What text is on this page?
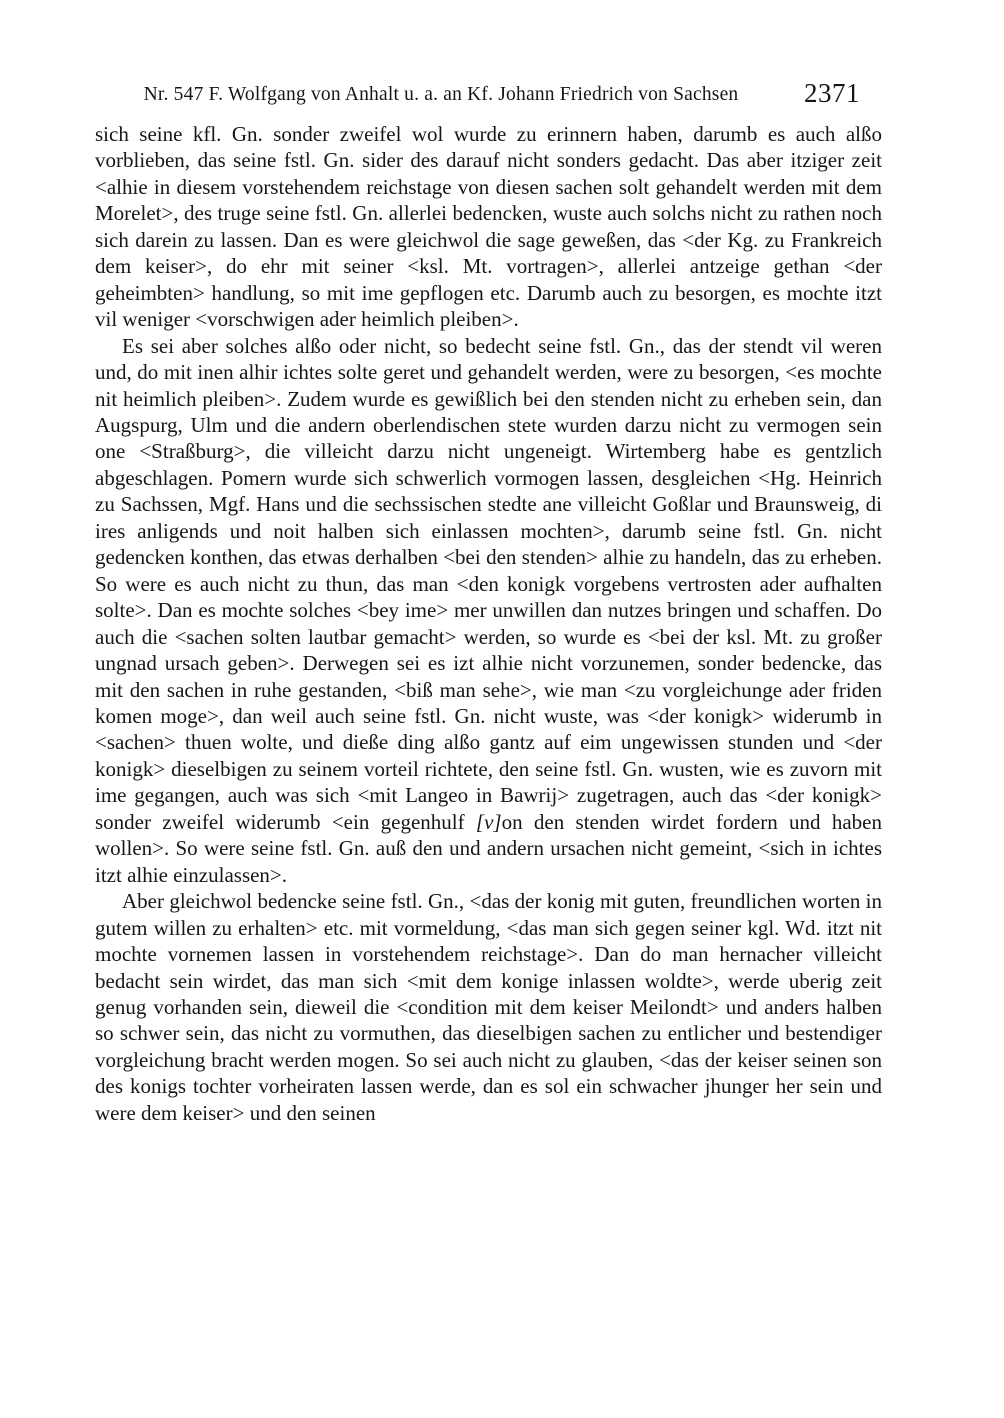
Nr. 547 F. Wolfgang von Anhalt u. a. an Kf. Johann Friedrich von Sachsen	2371

sich seine kfl. Gn. sonder zweifel wol wurde zu erinnern haben, darumb es auch alßo vorblieben, das seine fstl. Gn. sider des darauf nicht sonders gedacht. Das aber itziger zeit <alhie in diesem vorstehendem reichstage von diesen sachen solt gehandelt werden mit dem Morelet>, des truge seine fstl. Gn. allerlei bedencken, wuste auch solchs nicht zu rathen noch sich darein zu lassen. Dan es were gleichwol die sage geweßen, das <der Kg. zu Frankreich dem keiser>, do ehr mit seiner <ksl. Mt. vortragen>, allerlei antzeige gethan <der geheimbten> handlung, so mit ime gepflogen etc. Darumb auch zu besorgen, es mochte itzt vil weniger <vorschwigen ader heimlich pleiben>.

Es sei aber solches alßo oder nicht, so bedecht seine fstl. Gn., das der stendt vil weren und, do mit inen alhir ichtes solte geret und gehandelt werden, were zu besorgen, <es mochte nit heimlich pleiben>. Zudem wurde es gewißlich bei den stenden nicht zu erheben sein, dan Augspurg, Ulm und die andern oberlendischen stete wurden darzu nicht zu vermogen sein one <Straßburg>, die villeicht darzu nicht ungeneigt. Wirtemberg habe es gentzlich abgeschlagen. Pomern wurde sich schwerlich vormogen lassen, desgleichen <Hg. Heinrich zu Sachssen, Mgf. Hans und die sechssischen stedte ane villeicht Goßlar und Braunsweig, di ires anligends und noit halben sich einlassen mochten>, darumb seine fstl. Gn. nicht gedencken konthen, das etwas derhalben <bei den stenden> alhie zu handeln, das zu erheben. So were es auch nicht zu thun, das man <den konigk vorgebens vertrosten ader aufhalten solte>. Dan es mochte solches <bey ime> mer unwillen dan nutzes bringen und schaffen. Do auch die <sachen solten lautbar gemacht> werden, so wurde es <bei der ksl. Mt. zu großer ungnad ursach geben>. Derwegen sei es izt alhie nicht vorzunemen, sonder bedencke, das mit den sachen in ruhe gestanden, <biß man sehe>, wie man <zu vorgleichunge ader friden komen moge>, dan weil auch seine fstl. Gn. nicht wuste, was <der konigk> widerumb in <sachen> thuen wolte, und dieße ding alßo gantz auf eim ungewissen stunden und <der konigk> dieselbigen zu seinem vorteil richtete, den seine fstl. Gn. wusten, wie es zuvorn mit ime gegangen, auch was sich <mit Langeo in Bawrij> zugetragen, auch das <der konigk> sonder zweifel widerumb <ein gegenhulf [v]on den stenden wirdet fordern und haben wollen>. So were seine fstl. Gn. auß den und andern ursachen nicht gemeint, <sich in ichtes itzt alhie einzulassen>.

Aber gleichwol bedencke seine fstl. Gn., <das der konig mit guten, freundlichen worten in gutem willen zu erhalten> etc. mit vormeldung, <das man sich gegen seiner kgl. Wd. itzt nit mochte vornemen lassen in vorstehendem reichstage>. Dan do man hernacher villeicht bedacht sein wirdet, das man sich <mit dem konige inlassen woldte>, werde uberig zeit genug vorhanden sein, dieweil die <condition mit dem keiser Meilondt> und anders halben so schwer sein, das nicht zu vormuthen, das dieselbigen sachen zu entlicher und bestendiger vorgleichung bracht werden mogen. So sei auch nicht zu glauben, <das der keiser seinen son des konigs tochter vorheiraten lassen werde, dan es sol ein schwacher jhunger her sein und were dem keiser> und den seinen
